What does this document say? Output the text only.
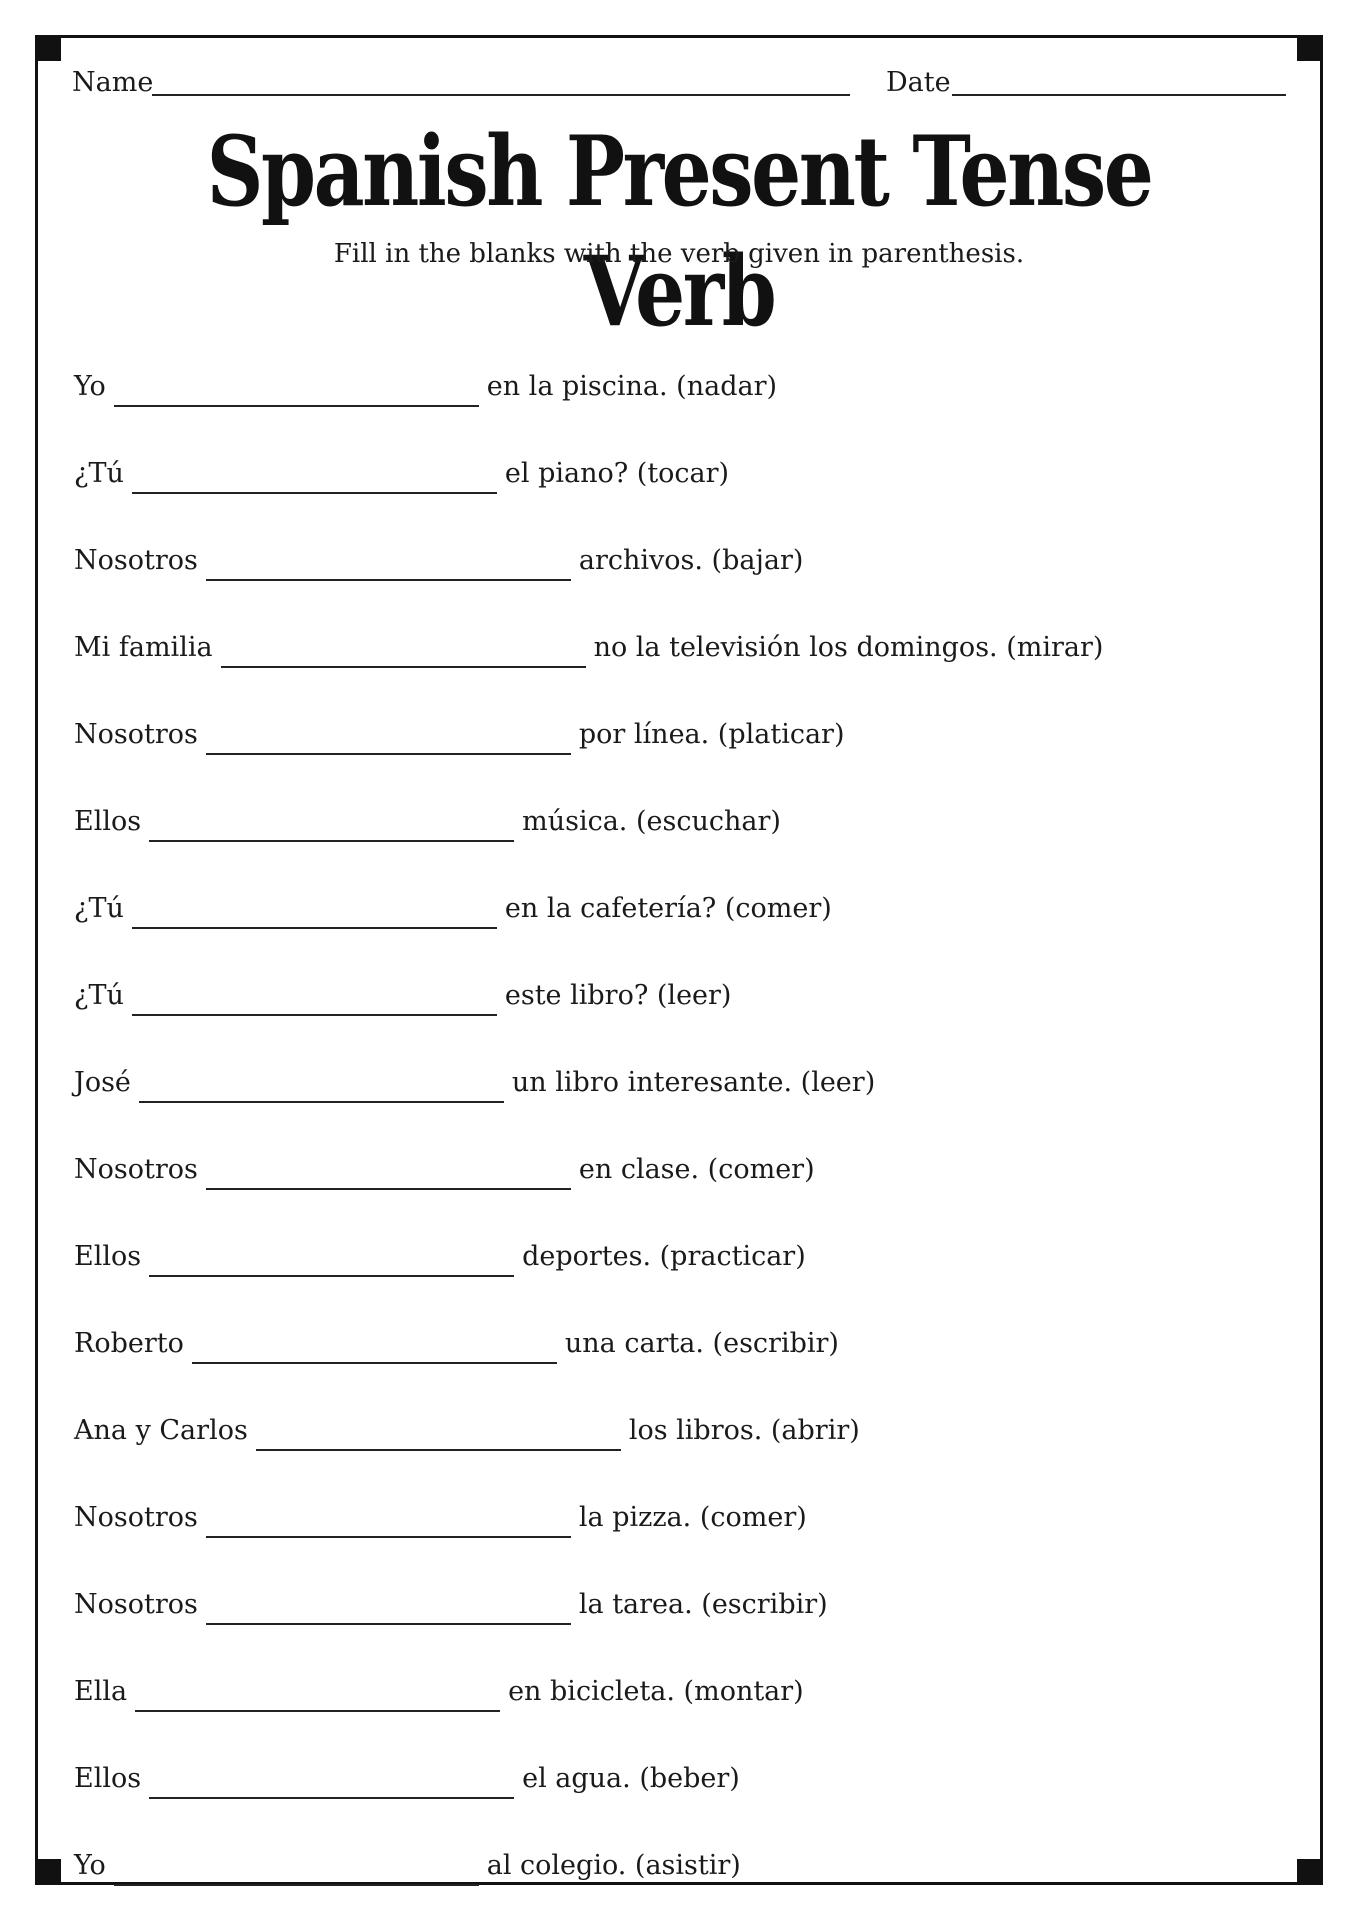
Name	Date
Spanish Present Tense Verb
Fill in the blanks with the verb given in parenthesis.
Yo	en la piscina. (nadar)
¿Tú	el piano? (tocar)
Nosotros	archivos. (bajar)
Mi familia	no la televisión los domingos. (mirar)
Nosotros	por línea. (platicar)
Ellos	música. (escuchar)
¿Tú	en la cafetería? (comer)
¿Tú	este libro? (leer)
José	un libro interesante. (leer)
Nosotros	en clase. (comer)
Ellos	deportes. (practicar)
Roberto	una carta. (escribir)
Ana y Carlos	los libros. (abrir)
Nosotros	la pizza. (comer)
Nosotros	la tarea. (escribir)
Ella	en bicicleta. (montar)
Ellos	el agua. (beber)
Yo	al colegio. (asistir)
